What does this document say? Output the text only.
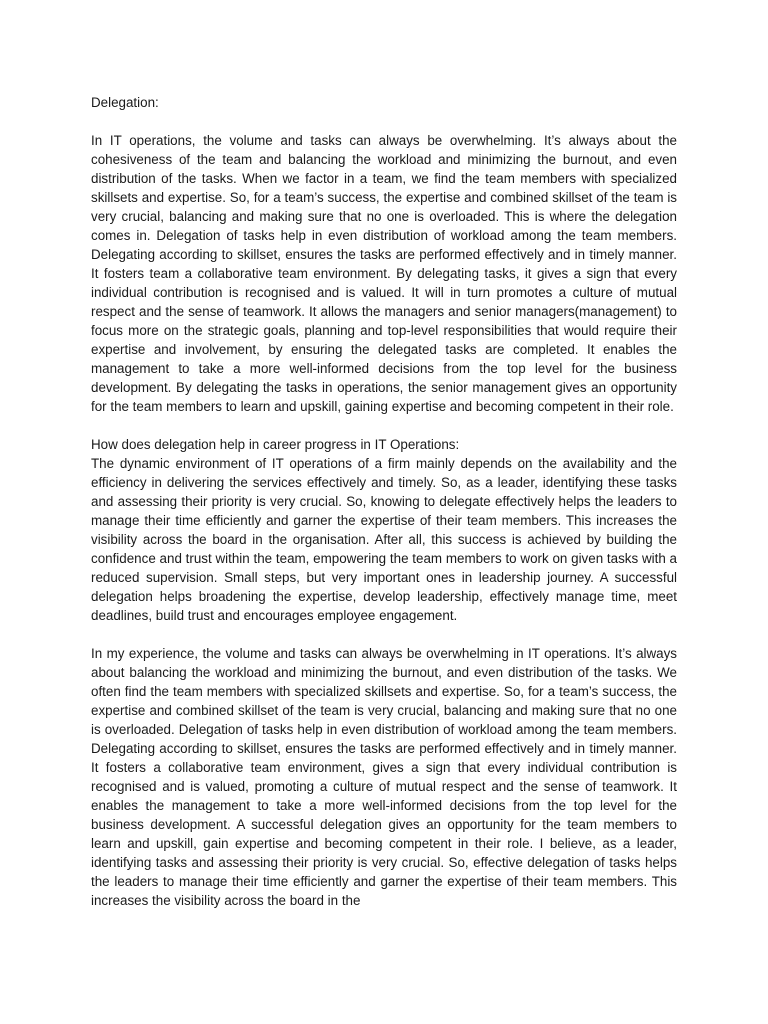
Delegation:

In IT operations, the volume and tasks can always be overwhelming. It’s always about the cohesiveness of the team and balancing the workload and minimizing the burnout, and even distribution of the tasks. When we factor in a team, we find the team members with specialized skillsets and expertise. So, for a team’s success, the expertise and combined skillset of the team is very crucial, balancing and making sure that no one is overloaded. This is where the delegation comes in. Delegation of tasks help in even distribution of workload among the team members. Delegating according to skillset, ensures the tasks are performed effectively and in timely manner. It fosters team a collaborative team environment. By delegating tasks, it gives a sign that every individual contribution is recognised and is valued. It will in turn promotes a culture of mutual respect and the sense of teamwork. It allows the managers and senior managers(management) to focus more on the strategic goals, planning and top-level responsibilities that would require their expertise and involvement, by ensuring the delegated tasks are completed. It enables the management to take a more well-informed decisions from the top level for the business development. By delegating the tasks in operations, the senior management gives an opportunity for the team members to learn and upskill, gaining expertise and becoming competent in their role.

How does delegation help in career progress in IT Operations:

The dynamic environment of IT operations of a firm mainly depends on the availability and the efficiency in delivering the services effectively and timely. So, as a leader, identifying these tasks and assessing their priority is very crucial. So, knowing to delegate effectively helps the leaders to manage their time efficiently and garner the expertise of their team members. This increases the visibility across the board in the organisation. After all, this success is achieved by building the confidence and trust within the team, empowering the team members to work on given tasks with a reduced supervision. Small steps, but very important ones in leadership journey. A successful delegation helps broadening the expertise, develop leadership, effectively manage time, meet deadlines, build trust and encourages employee engagement.

In my experience, the volume and tasks can always be overwhelming in IT operations. It’s always about balancing the workload and minimizing the burnout, and even distribution of the tasks. We often find the team members with specialized skillsets and expertise. So, for a team’s success, the expertise and combined skillset of the team is very crucial, balancing and making sure that no one is overloaded. Delegation of tasks help in even distribution of workload among the team members. Delegating according to skillset, ensures the tasks are performed effectively and in timely manner. It fosters a collaborative team environment, gives a sign that every individual contribution is recognised and is valued, promoting a culture of mutual respect and the sense of teamwork. It enables the management to take a more well-informed decisions from the top level for the business development. A successful delegation gives an opportunity for the team members to learn and upskill, gain expertise and becoming competent in their role. I believe, as a leader, identifying tasks and assessing their priority is very crucial. So, effective delegation of tasks helps the leaders to manage their time efficiently and garner the expertise of their team members. This increases the visibility across the board in the
